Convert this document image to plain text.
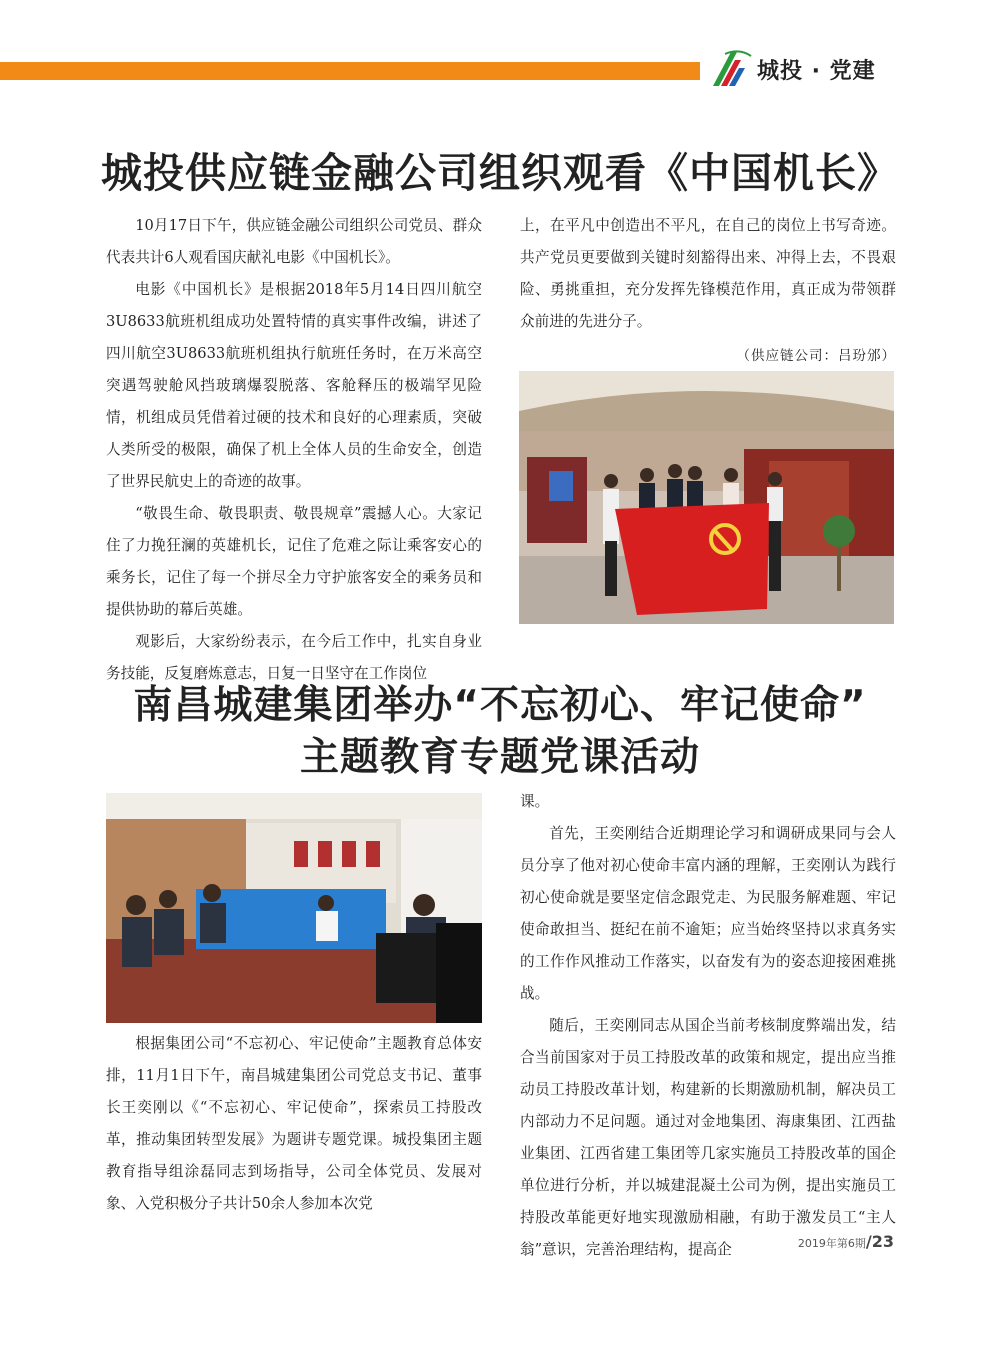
城投 · 党建
城投供应链金融公司组织观看《中国机长》

10月17日下午，供应链金融公司组织公司党员、群众代表共计6人观看国庆献礼电影《中国机长》。

电影《中国机长》是根据2018年5月14日四川航空3U8633航班机组成功处置特情的真实事件改编，讲述了四川航空3U8633航班机组执行航班任务时，在万米高空突遇驾驶舱风挡玻璃爆裂脱落、客舱释压的极端罕见险情，机组成员凭借着过硬的技术和良好的心理素质，突破人类所受的极限，确保了机上全体人员的生命安全，创造了世界民航史上的奇迹的故事。

“敬畏生命、敬畏职责、敬畏规章”震撼人心。大家记住了力挽狂澜的英雄机长，记住了危难之际让乘客安心的乘务长，记住了每一个拼尽全力守护旅客安全的乘务员和提供协助的幕后英雄。

观影后，大家纷纷表示，在今后工作中，扎实自身业务技能，反复磨炼意志，日复一日坚守在工作岗位

上，在平凡中创造出不平凡，在自己的岗位上书写奇迹。共产党员更要做到关键时刻豁得出来、冲得上去，不畏艰险、勇挑重担，充分发挥先锋模范作用，真正成为带领群众前进的先进分子。

（供应链公司：吕玢邠）
南昌城建集团举办“不忘初心、牢记使命”
主题教育专题党课活动

根据集团公司“不忘初心、牢记使命”主题教育总体安排，11月1日下午，南昌城建集团公司党总支书记、董事长王奕刚以《“不忘初心、牢记使命”，探索员工持股改革，推动集团转型发展》为题讲专题党课。城投集团主题教育指导组涂磊同志到场指导，公司全体党员、发展对象、入党积极分子共计50余人参加本次党

课。

首先，王奕刚结合近期理论学习和调研成果同与会人员分享了他对初心使命丰富内涵的理解，王奕刚认为践行初心使命就是要坚定信念跟党走、为民服务解难题、牢记使命敢担当、挺纪在前不逾矩；应当始终坚持以求真务实的工作作风推动工作落实，以奋发有为的姿态迎接困难挑战。

随后，王奕刚同志从国企当前考核制度弊端出发，结合当前国家对于员工持股改革的政策和规定，提出应当推动员工持股改革计划，构建新的长期激励机制，解决员工内部动力不足问题。通过对金地集团、海康集团、江西盐业集团、江西省建工集团等几家实施员工持股改革的国企单位进行分析，并以城建混凝土公司为例，提出实施员工持股改革能更好地实现激励相融，有助于激发员工“主人翁”意识，完善治理结构，提高企	2019年第6期/23
